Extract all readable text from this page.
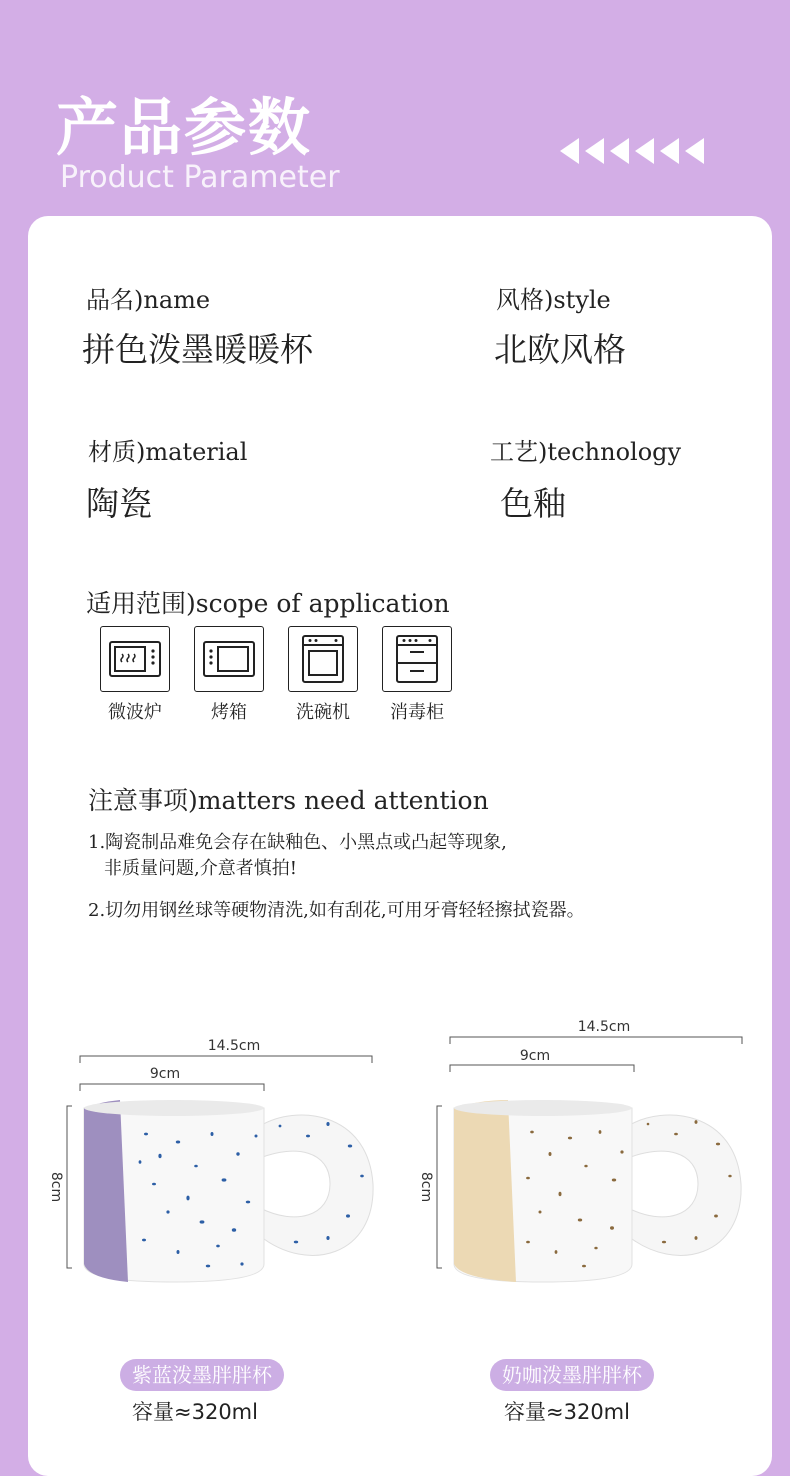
产品参数
Product Parameter
品名)name
拼色泼墨暖暖杯
风格)style
北欧风格
材质)material
陶瓷
工艺)technology
色釉
适用范围)scope of application
微波炉	烤箱	洗碗机	消毒柜
注意事项)matters need attention
1.陶瓷制品难免会存在缺釉色、小黑点或凸起等现象,
非质量问题,介意者慎拍!
2.切勿用钢丝球等硬物清洗,如有刮花,可用牙膏轻轻擦拭瓷器。
14.5cm
9cm
8cm
14.5cm
9cm
8cm
紫蓝泼墨胖胖杯
容量≈320ml
奶咖泼墨胖胖杯
容量≈320ml
